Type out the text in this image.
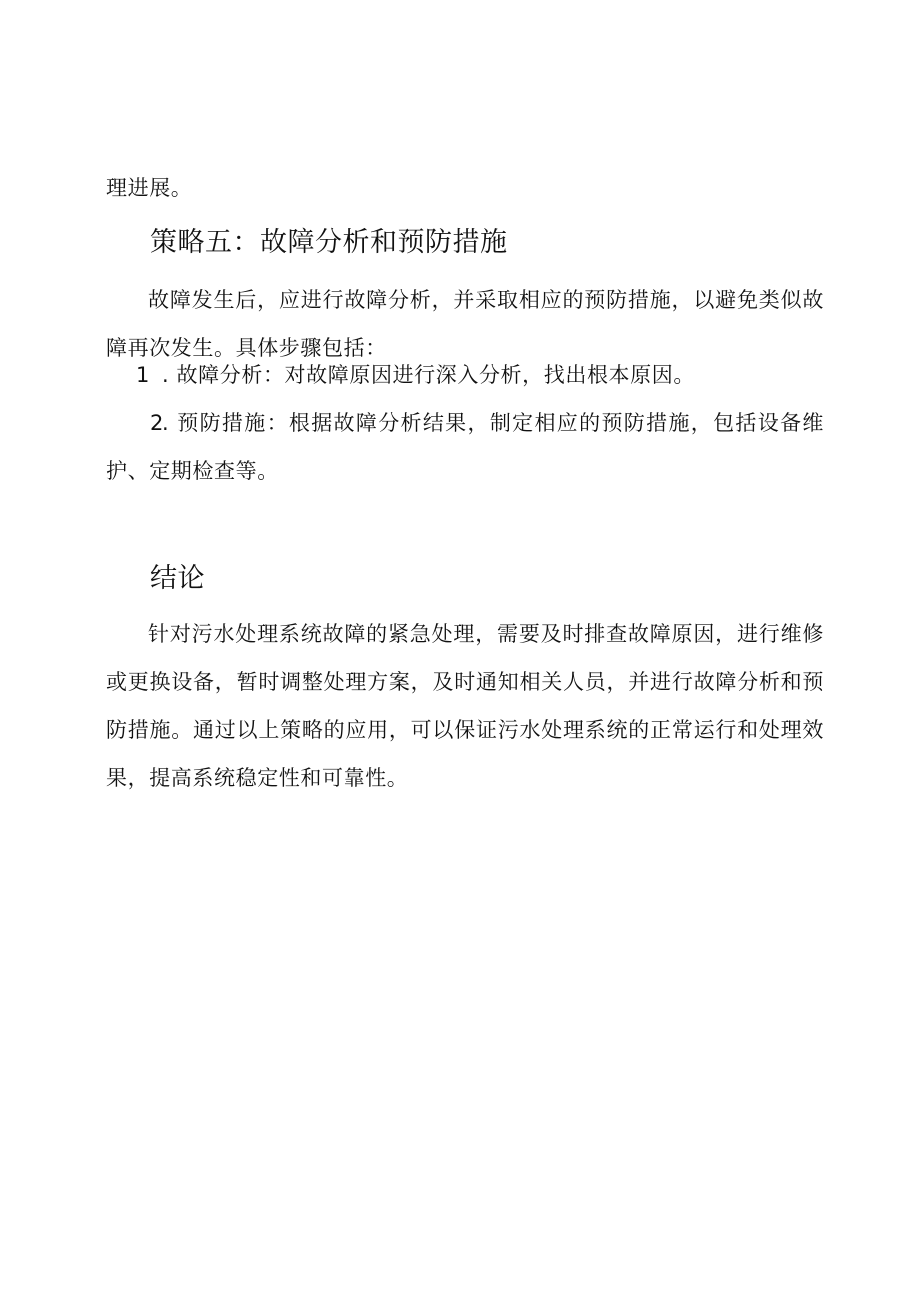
理进展。

策略五：故障分析和预防措施

故障发生后，应进行故障分析，并采取相应的预防措施，以避免类似故障再次发生。具体步骤包括：

1 . 故障分析：对故障原因进行深入分析，找出根本原因。

2. 预防措施：根据故障分析结果，制定相应的预防措施，包括设备维护、定期检查等。

结论

针对污水处理系统故障的紧急处理，需要及时排查故障原因，进行维修或更换设备，暂时调整处理方案，及时通知相关人员，并进行故障分析和预防措施。通过以上策略的应用，可以保证污水处理系统的正常运行和处理效果，提高系统稳定性和可靠性。
